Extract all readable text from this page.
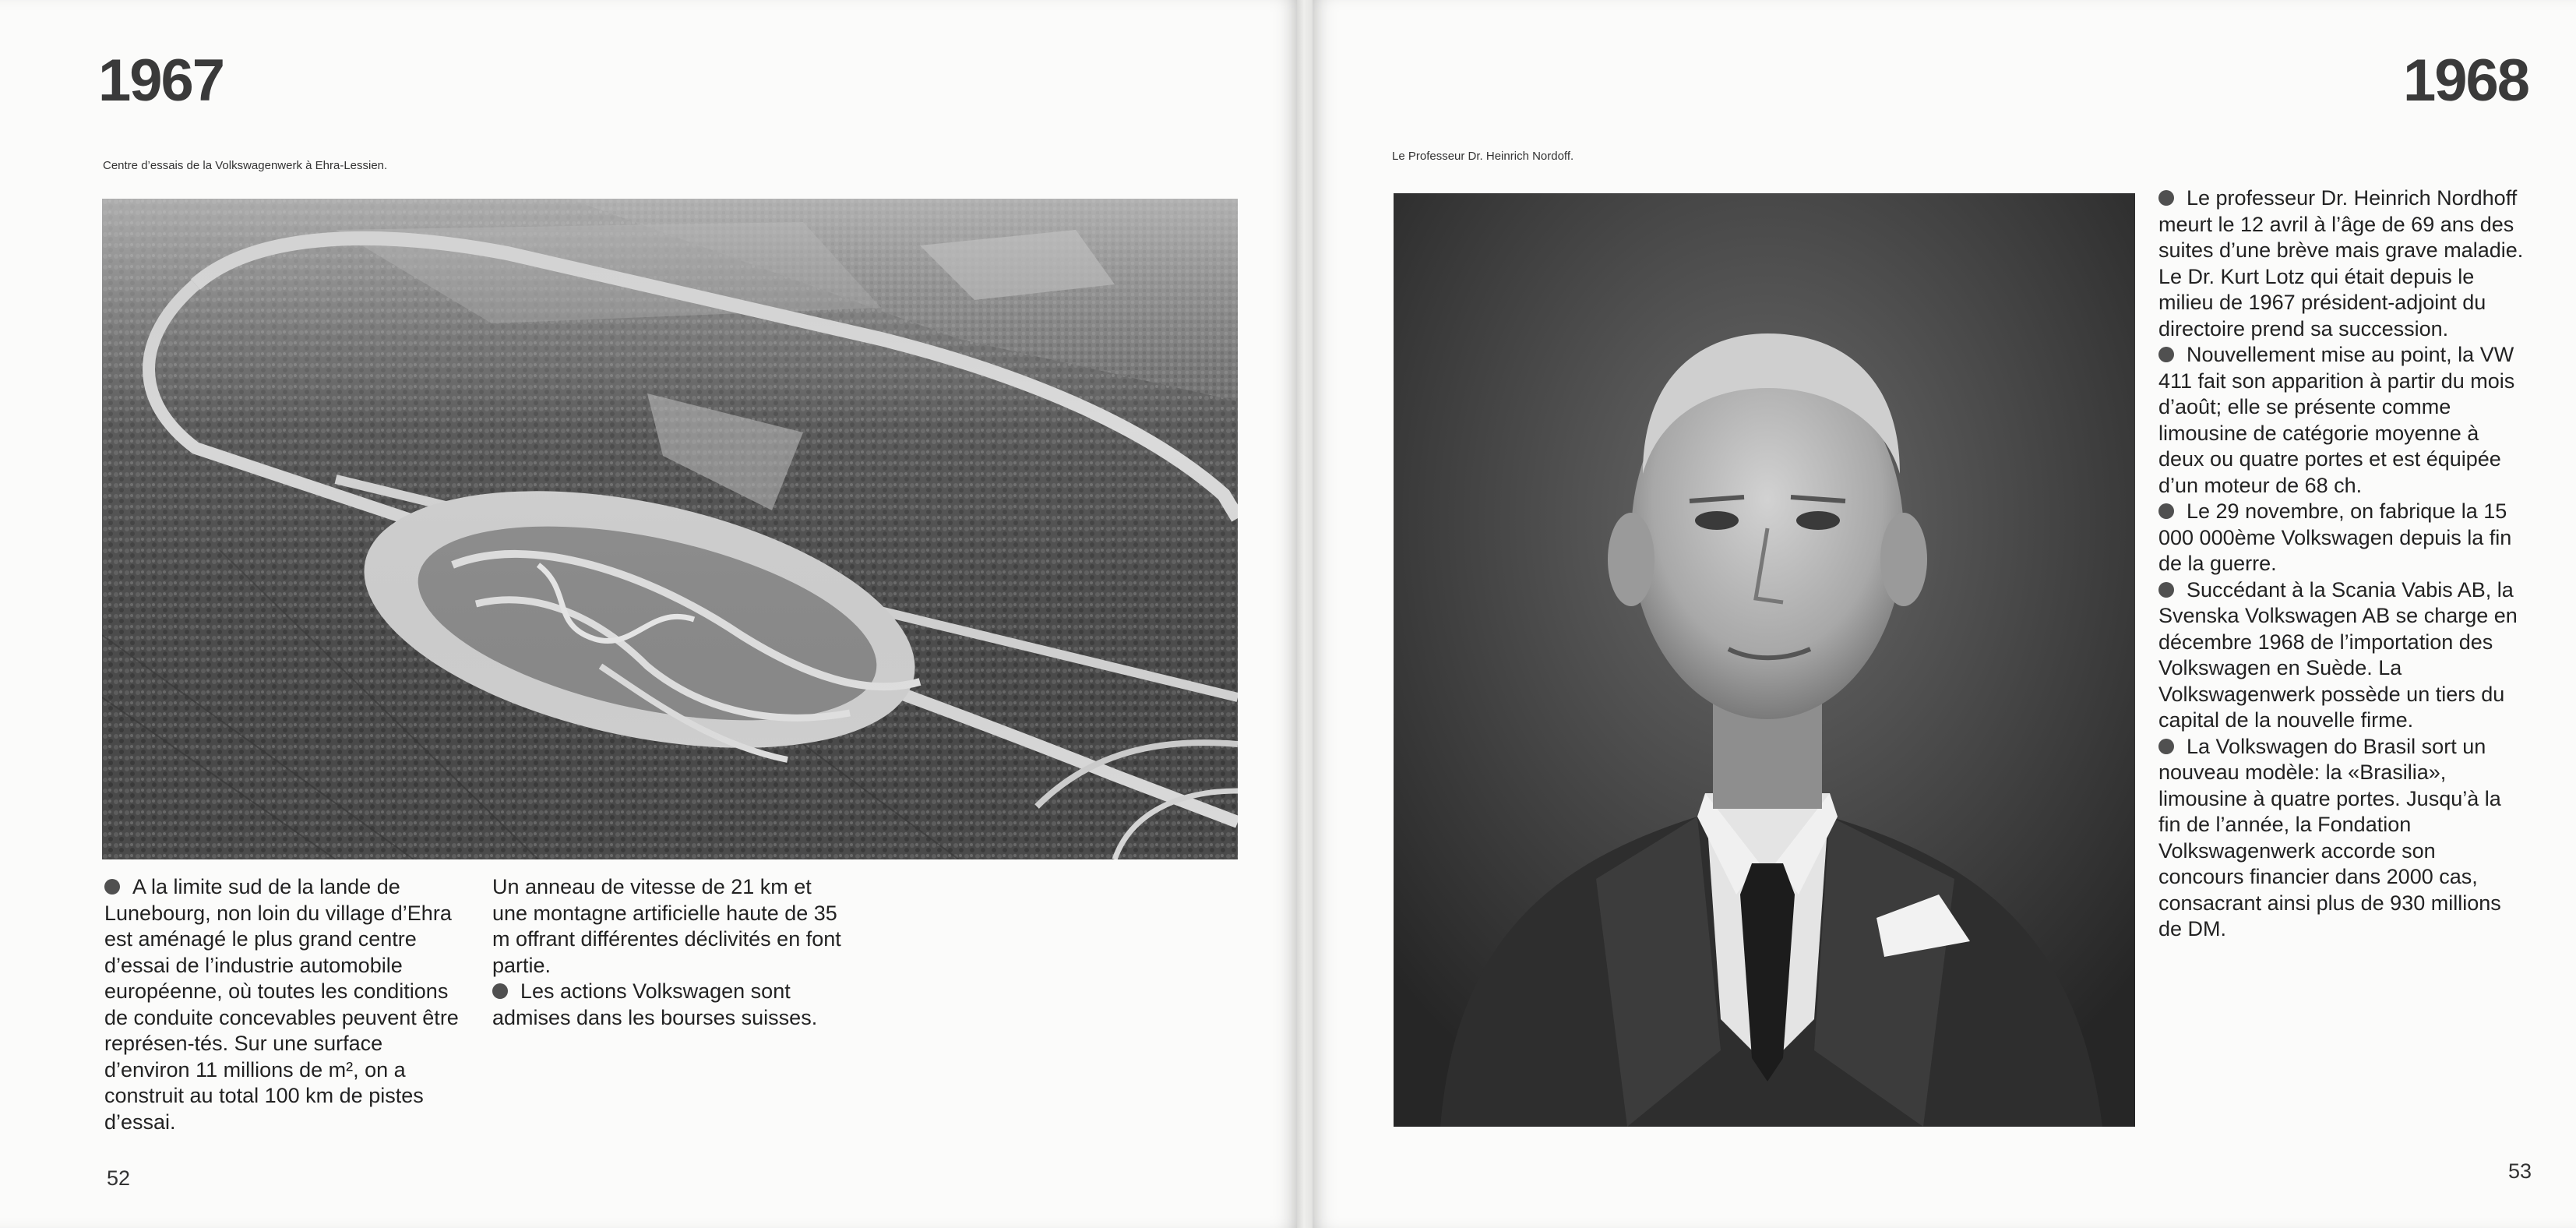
1967
Centre d’essais de la Volkswagenwerk à Ehra-Lessien.

A la limite sud de la lande de Lunebourg, non loin du village d’Ehra est aménagé le plus grand centre d’essai de l’industrie automobile européenne, où toutes les conditions de conduite concevables peuvent être représen-tés. Sur une surface d’environ 11 millions de m², on a construit au total 100 km de pistes d’essai.

Un anneau de vitesse de 21 km et une montagne artificielle haute de 35 m offrant différentes déclivités en font partie.

Les actions Volkswagen sont admises dans les bourses suisses.

52
1968
Le Professeur Dr. Heinrich Nordoff.

Le professeur Dr. Heinrich Nordhoff meurt le 12 avril à l’âge de 69 ans des suites d’une brève mais grave maladie. Le Dr. Kurt Lotz qui était depuis le milieu de 1967 président-adjoint du directoire prend sa succession.

Nouvellement mise au point, la VW 411 fait son apparition à partir du mois d’août; elle se présente comme limousine de catégorie moyenne à deux ou quatre portes et est équipée d’un moteur de 68 ch.

Le 29 novembre, on fabrique la 15 000 000ème Volkswagen depuis la fin de la guerre.

Succédant à la Scania Vabis AB, la Svenska Volkswagen AB se charge en décembre 1968 de l’importation des Volkswagen en Suède. La Volkswagenwerk possède un tiers du capital de la nouvelle firme.

La Volkswagen do Brasil sort un nouveau modèle: la «Brasilia», limousine à quatre portes. Jusqu’à la fin de l’année, la Fondation Volkswagenwerk accorde son concours financier dans 2000 cas, consacrant ainsi plus de 930 millions de DM.

53
